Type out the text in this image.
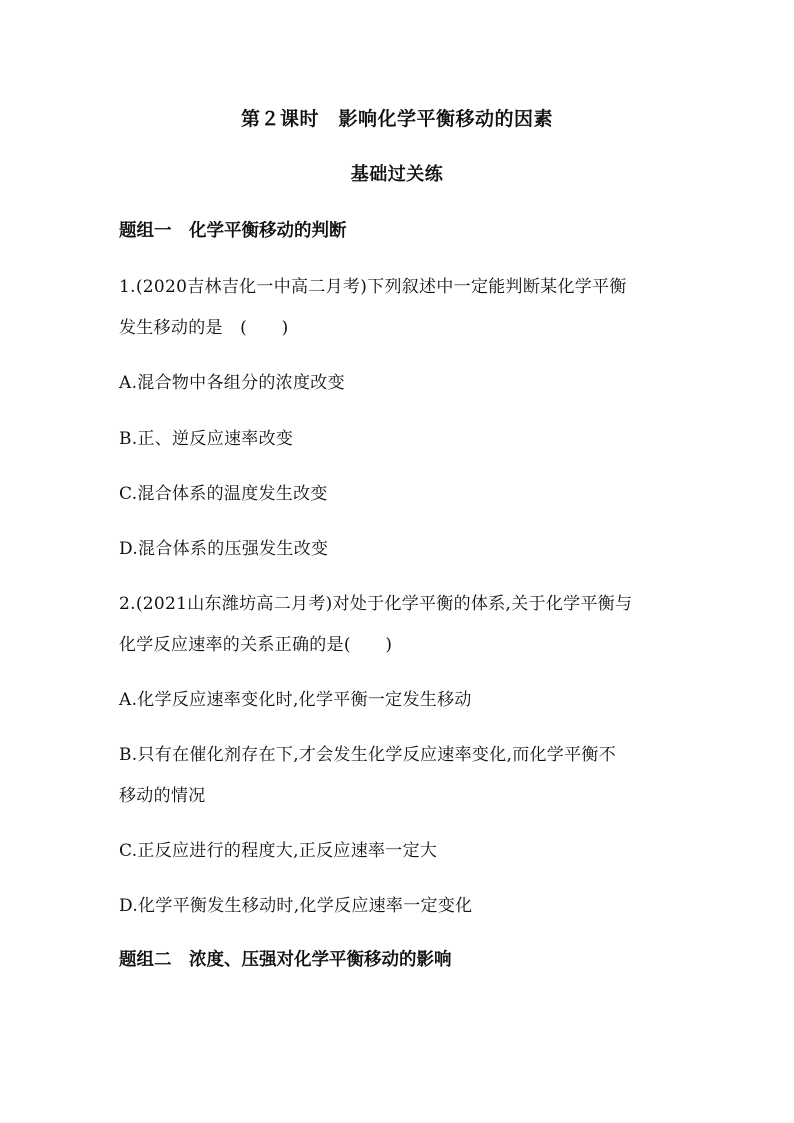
第２课时　影响化学平衡移动的因素
基础过关练
题组一　化学平衡移动的判断
1.(2020吉林吉化一中高二月考)下列叙述中一定能判断某化学平衡
发生移动的是　(　　)
A.混合物中各组分的浓度改变
B.正、逆反应速率改变
C.混合体系的温度发生改变
D.混合体系的压强发生改变
2.(2021山东潍坊高二月考)对处于化学平衡的体系,关于化学平衡与
化学反应速率的关系正确的是(　　)
A.化学反应速率变化时,化学平衡一定发生移动
B.只有在催化剂存在下,才会发生化学反应速率变化,而化学平衡不
移动的情况
C.正反应进行的程度大,正反应速率一定大
D.化学平衡发生移动时,化学反应速率一定变化
题组二　浓度、压强对化学平衡移动的影响
